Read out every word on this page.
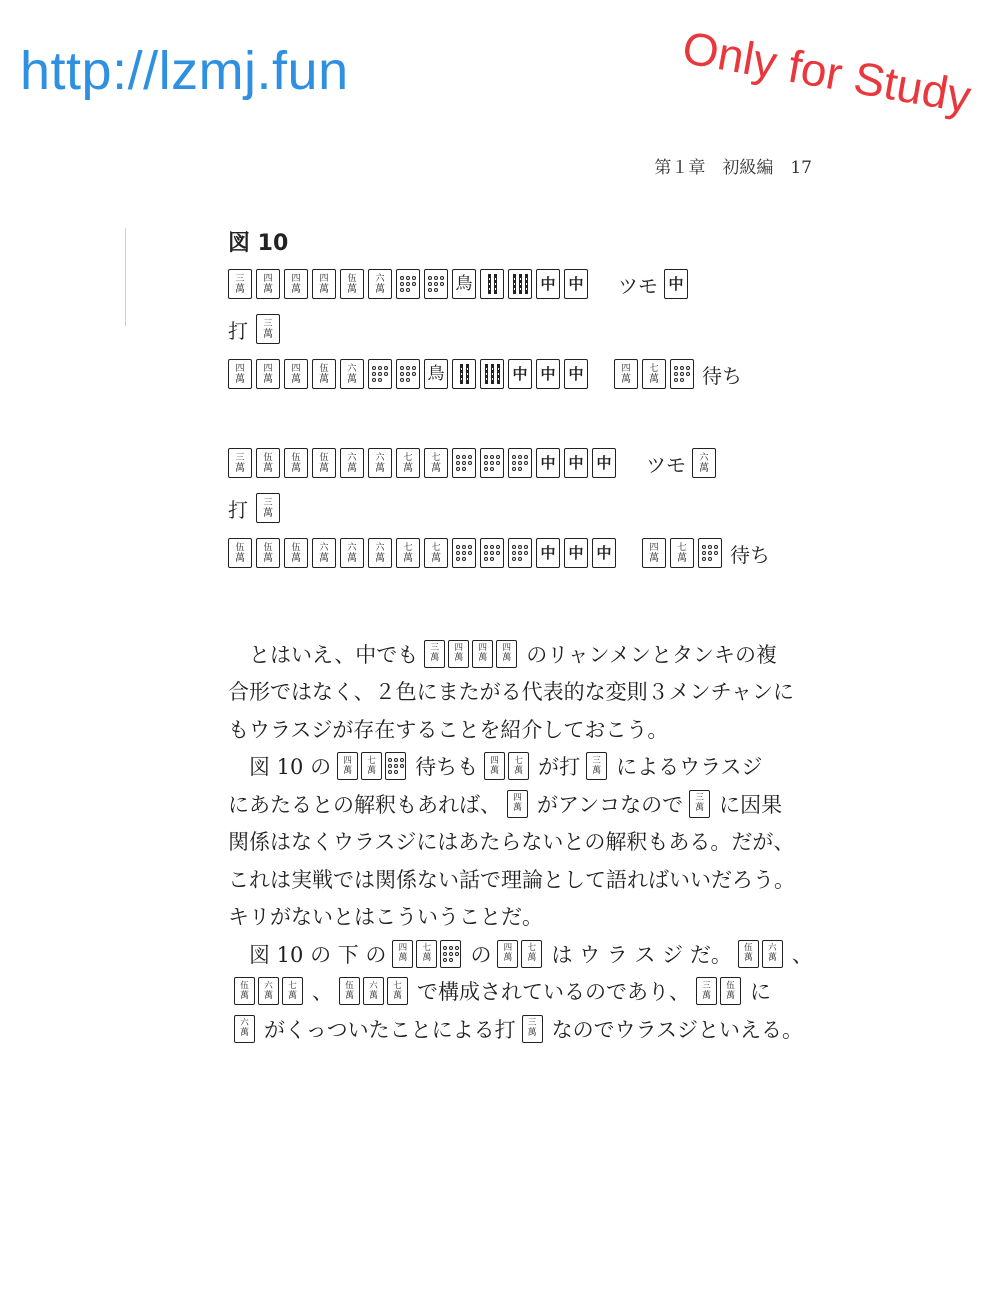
http://lzmj.fun	Only for Study
第１章　初級編　17
図 10
三
萬
四
萬
四
萬
四
萬
伍
萬
六
萬	鳥	中 中 ツモ 中
打 三
萬
四
萬
四
萬
四
萬
伍
萬
六
萬	鳥	中 中 中	四
萬
七
萬 待ち
三
萬
伍
萬
伍
萬
伍
萬
六
萬
六
萬
七
萬
七
萬	中 中 中 ツモ 六
萬
打 三
萬
伍
萬
伍
萬
伍
萬
六
萬
六
萬
六
萬
七
萬
七
萬	中 中 中	四
萬
七
萬 待ち
　とはいえ、中でも 三
萬
四
萬
四
萬
四
萬 のリャンメンとタンキの複
合形ではなく、２色にまたがる代表的な変則３メンチャンに
もウラスジが存在することを紹介しておこう。
　図 10 の 四
萬
七
萬 待ちも 四
萬
七
萬 が打 三
萬 によるウラスジ
にあたるとの解釈もあれば、 四
萬 がアンコなので 三
萬 に因果
関係はなくウラスジにはあたらないとの解釈もある。だが、
これは実戦では関係ない話で理論として語ればいいだろう。
キリがないとはこういうことだ。
　図 10 の 下 の 四
萬
七
萬 の 四
萬
七
萬 は ウ ラ ス ジ だ。 伍
萬
六
萬 、
伍
萬
六
萬
七
萬 、 伍
萬
六
萬
七
萬 で構成されているのであり、 三
萬
伍
萬 に
六
萬 がくっついたことによる打 三
萬 なのでウラスジといえる。
